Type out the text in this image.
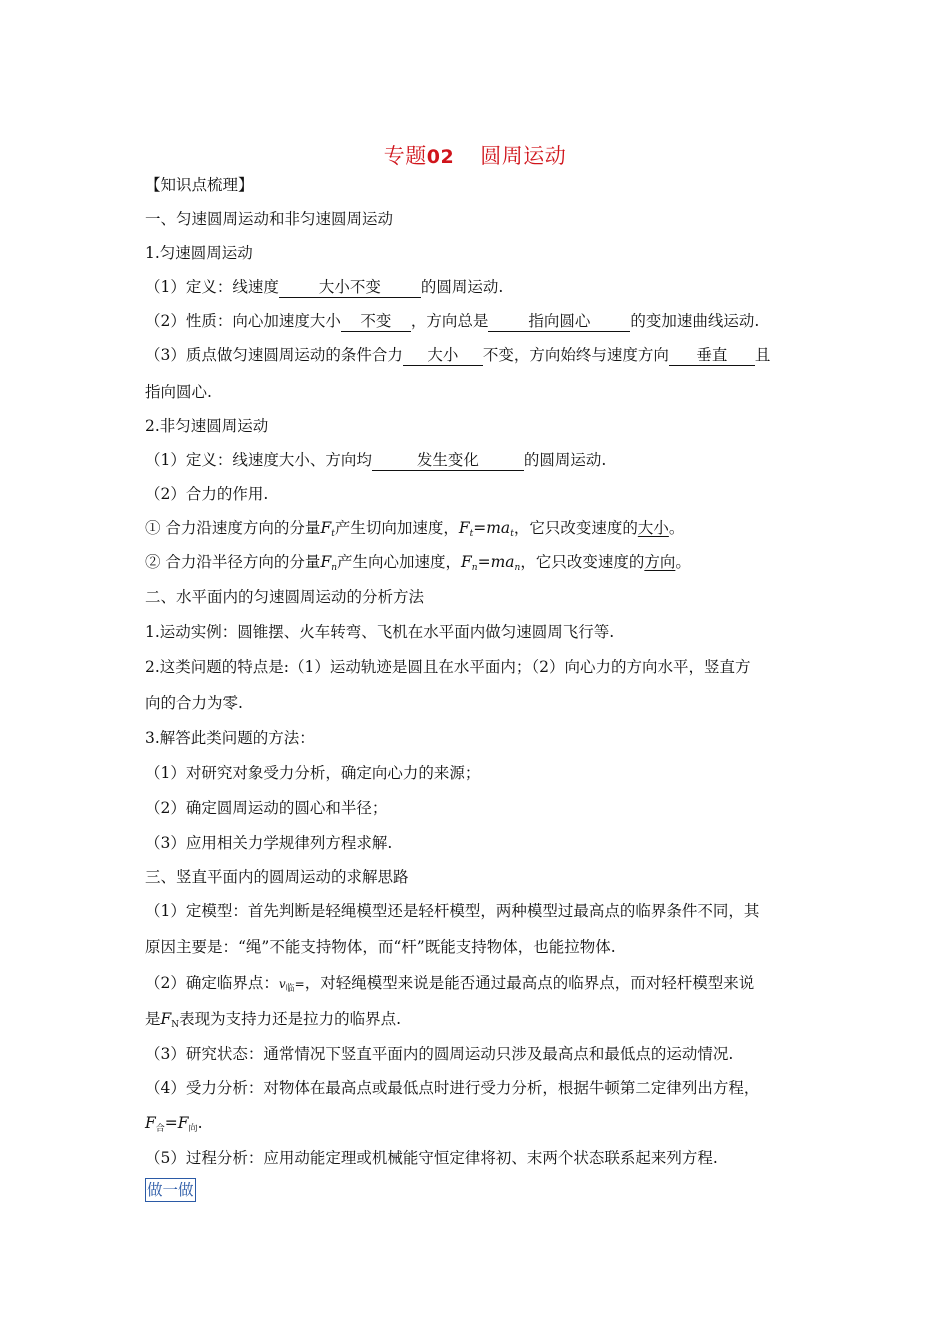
专题02 圆周运动
【知识点梳理】
一、匀速圆周运动和非匀速圆周运动
1.匀速圆周运动
（1）定义：线速度	大小不变	的圆周运动.
（2）性质：向心加速度大小 不变 ，方向总是	指向圆心	的变加速曲线运动.
（3）质点做匀速圆周运动的条件合力 大小 不变，方向始终与速度方向 垂直 且
指向圆心.
2.非匀速圆周运动
（1）定义：线速度大小、方向均	发生变化	的圆周运动.
（2）合力的作用.
① 合力沿速度方向的分量$F_t$产生切向加速度，$F_t=ma_t$，它只改变速度的大小。
② 合力沿半径方向的分量$F_n$产生向心加速度，$F_n=ma_n$，它只改变速度的方向。
二、水平面内的匀速圆周运动的分析方法
1.运动实例：圆锥摆、火车转弯、飞机在水平面内做匀速圆周飞行等.
2.这类问题的特点是:（1）运动轨迹是圆且在水平面内；（2）向心力的方向水平，竖直方
向的合力为零.
3.解答此类问题的方法：
（1）对研究对象受力分析，确定向心力的来源；
（2）确定圆周运动的圆心和半径；
（3）应用相关力学规律列方程求解.
三、竖直平面内的圆周运动的求解思路
（1）定模型：首先判断是轻绳模型还是轻杆模型，两种模型过最高点的临界条件不同，其
原因主要是：“绳”不能支持物体，而“杆”既能支持物体，也能拉物体.
（2）确定临界点：$v_临=$，对轻绳模型来说是能否通过最高点的临界点，而对轻杆模型来说
是$F_N$表现为支持力还是拉力的临界点.
（3）研究状态：通常情况下竖直平面内的圆周运动只涉及最高点和最低点的运动情况.
（4）受力分析：对物体在最高点或最低点时进行受力分析，根据牛顿第二定律列出方程，
$F_合=F_向$.
（5）过程分析：应用动能定理或机械能守恒定律将初、末两个状态联系起来列方程.
做一做
